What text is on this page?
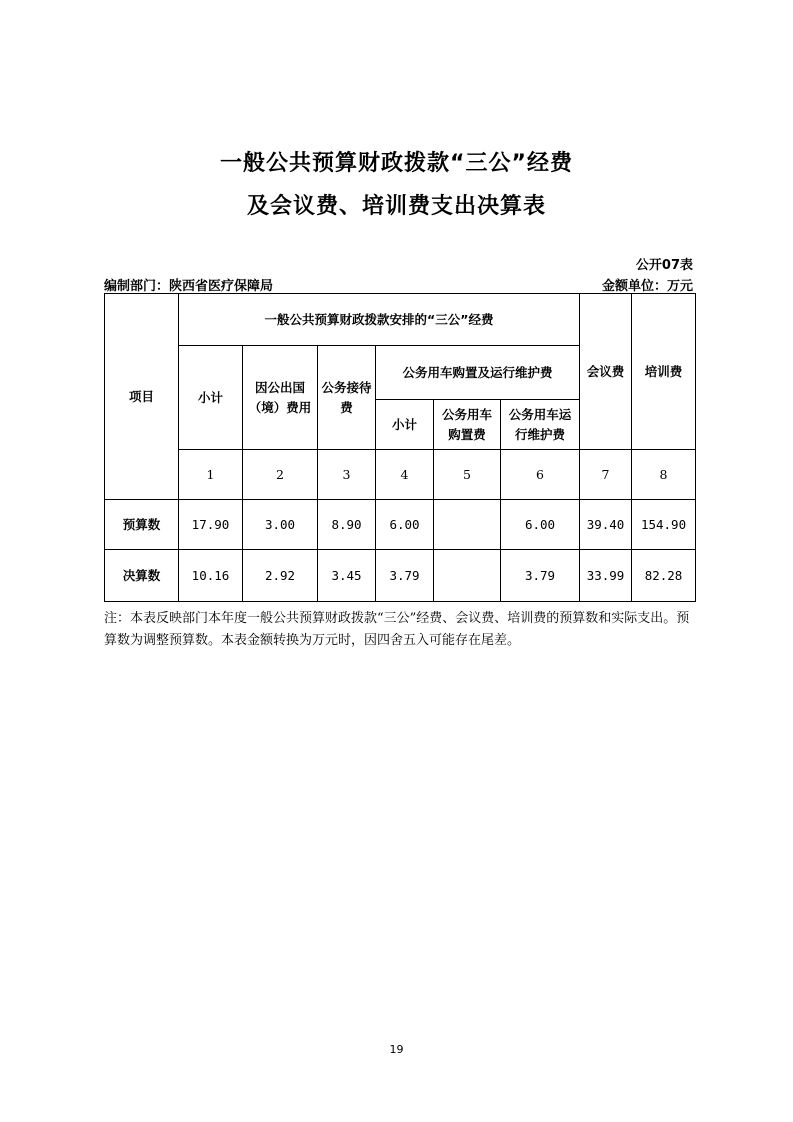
一般公共预算财政拨款“三公”经费
及会议费、培训费支出决算表
公开07表
编制部门：陕西省医疗保障局	金额单位：万元
项目	一般公共预算财政拨款安排的“三公”经费						会议费	培训费
	小计	因公出国（境）费用	公务接待费	公务用车购置及运行维护费				
				小计	公务用车购置费	公务用车运行维护费		
	1	2	3	4	5	6	7	8
预算数	17.90	3.00	8.90	6.00		6.00	39.40	154.90
决算数	10.16	2.92	3.45	3.79		3.79	33.99	82.28
注：本表反映部门本年度一般公共预算财政拨款“三公”经费、会议费、培训费的预算数和实际支出。预算数为调整预算数。本表金额转换为万元时，因四舍五入可能存在尾差。
19
